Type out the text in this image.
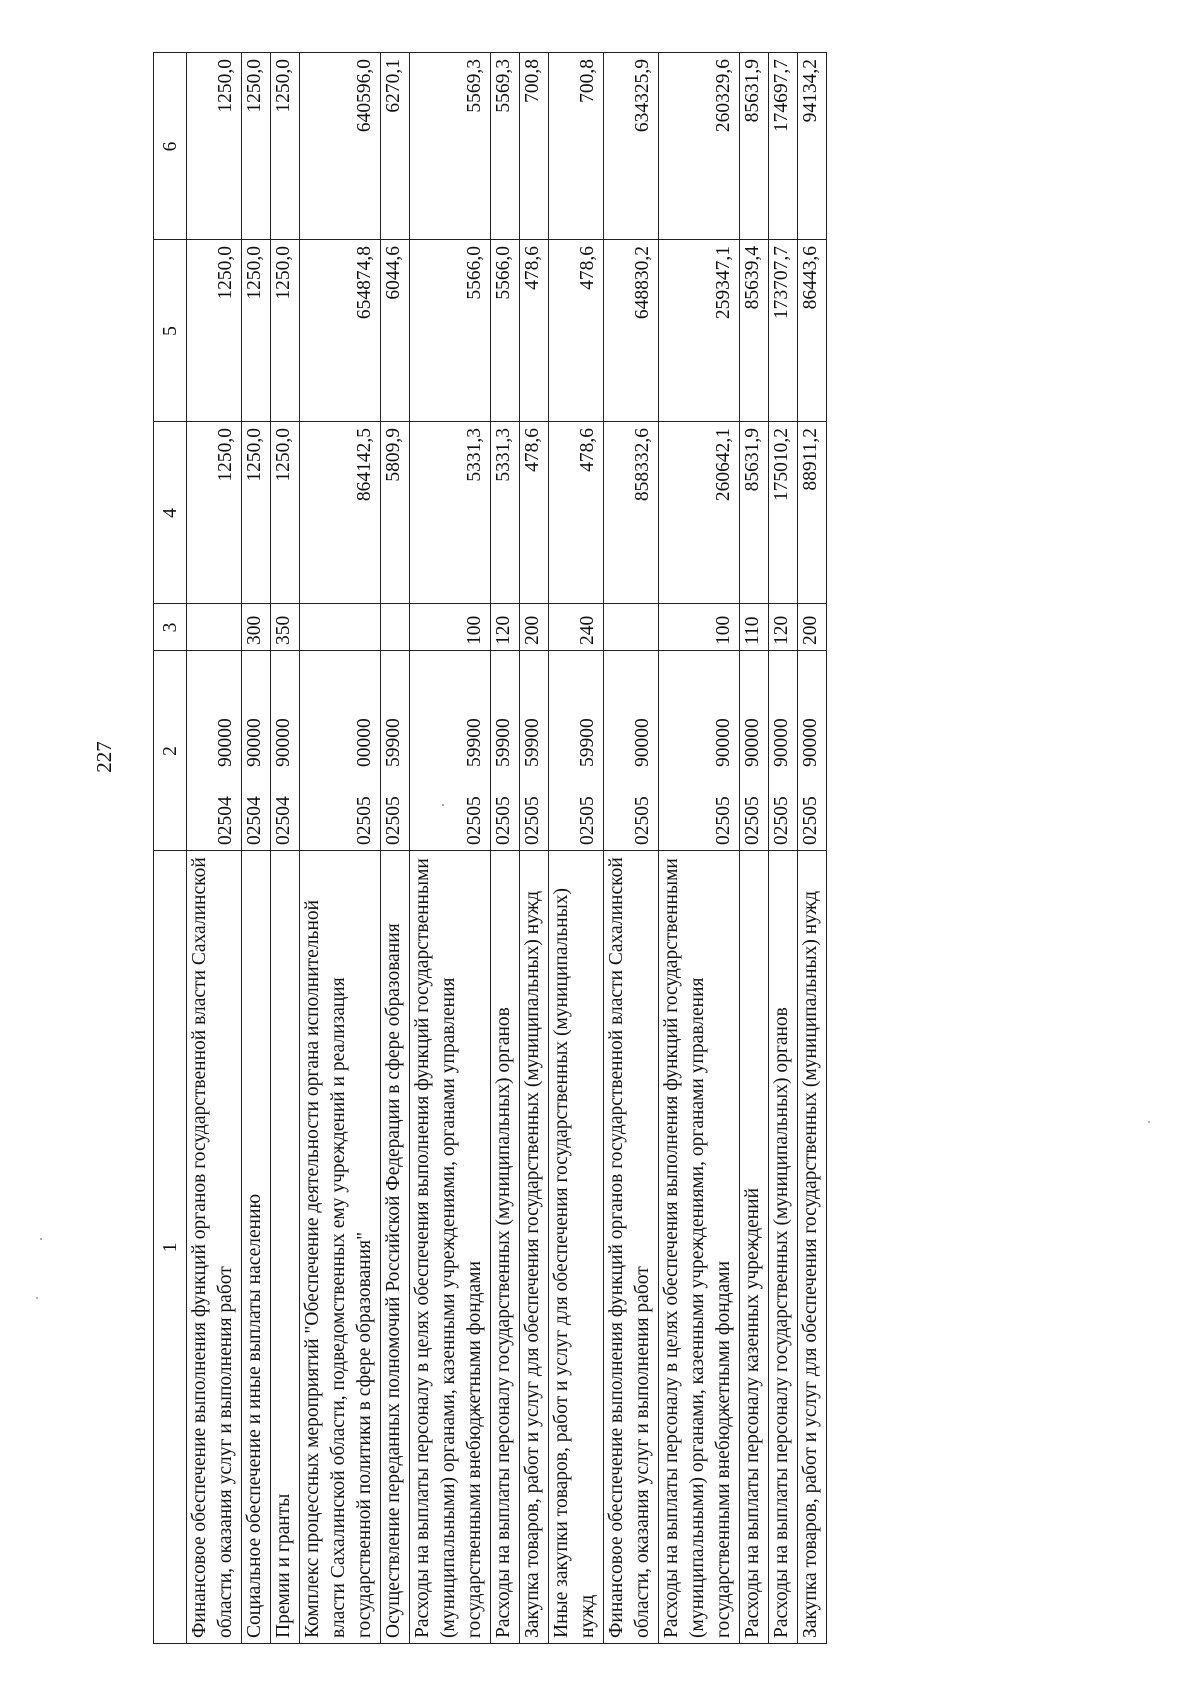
227
1	2	3	4	5	6
Финансовое обеспечение выполнения функций органов государственной власти Сахалинской области, оказания услуг и выполнения работ	0250490000		1250,0	1250,0	1250,0
Социальное обеспечение и иные выплаты населению	0250490000	300	1250,0	1250,0	1250,0
Премии и гранты	0250490000	350	1250,0	1250,0	1250,0
Комплекс процессных мероприятий "Обеспечение деятельности органа исполнительной власти Сахалинской области, подведомственных ему учреждений и реализация государственной политики в сфере образования"	0250500000		864142,5	654874,8	640596,0
Осуществление переданных полномочий Российской Федерации в сфере образования	0250559900		5809,9	6044,6	6270,1
Расходы на выплаты персоналу в целях обеспечения выполнения функций государственными (муниципальными) органами, казенными учреждениями, органами управления государственными внебюджетными фондами	0250559900	100	5331,3	5566,0	5569,3
Расходы на выплаты персоналу государственных (муниципальных) органов	0250559900	120	5331,3	5566,0	5569,3
Закупка товаров, работ и услуг для обеспечения государственных (муниципальных) нужд	0250559900	200	478,6	478,6	700,8
Иные закупки товаров, работ и услуг для обеспечения государственных (муниципальных) нужд	0250559900	240	478,6	478,6	700,8
Финансовое обеспечение выполнения функций органов государственной власти Сахалинской области, оказания услуг и выполнения работ	0250590000		858332,6	648830,2	634325,9
Расходы на выплаты персоналу в целях обеспечения выполнения функций государственными (муниципальными) органами, казенными учреждениями, органами управления государственными внебюджетными фондами	0250590000	100	260642,1	259347,1	260329,6
Расходы на выплаты персоналу казенных учреждений	0250590000	110	85631,9	85639,4	85631,9
Расходы на выплаты персоналу государственных (муниципальных) органов	0250590000	120	175010,2	173707,7	174697,7
Закупка товаров, работ и услуг для обеспечения государственных (муниципальных) нужд	0250590000	200	88911,2	86443,6	94134,2
